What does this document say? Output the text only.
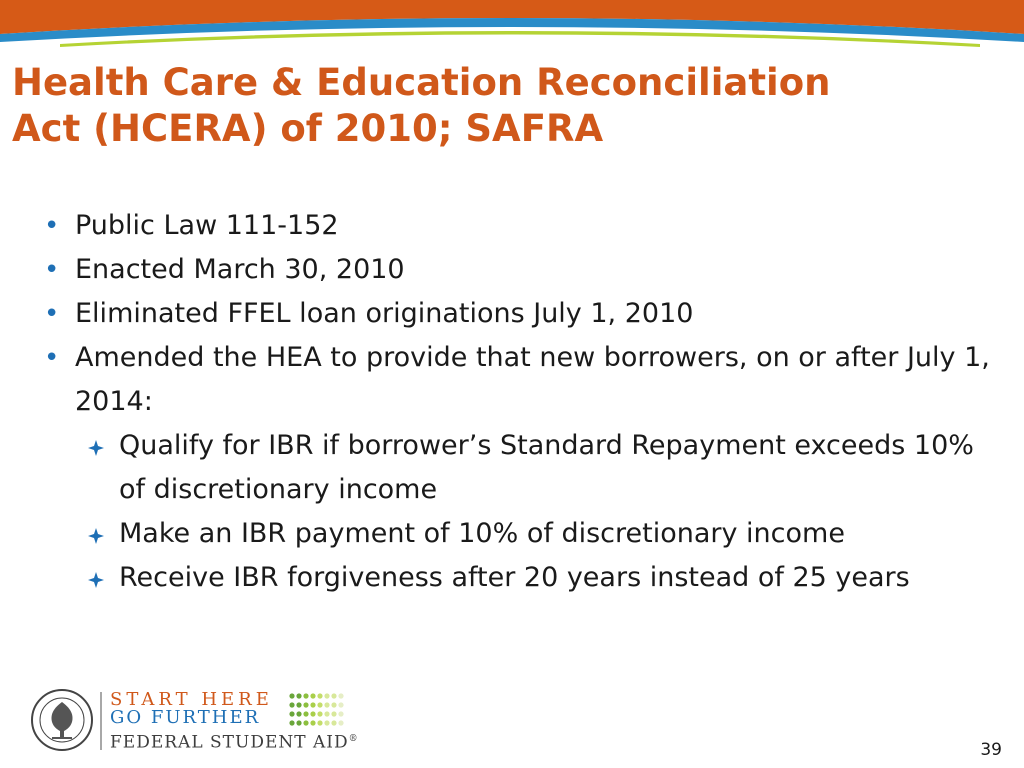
Health Care & Education Reconciliation
Act (HCERA) of 2010; SAFRA
• Public Law 111-152
• Enacted March 30, 2010
• Eliminated FFEL loan originations July 1, 2010
• Amended the HEA to provide that new borrowers, on or after July 1, 2014:
Qualify for IBR if borrower’s Standard Repayment exceeds 10% of discretionary income
Make an IBR payment of 10% of discretionary income
Receive IBR forgiveness after 20 years instead of 25 years
START HERE
GO FURTHER
FEDERAL STUDENT AID®
39
